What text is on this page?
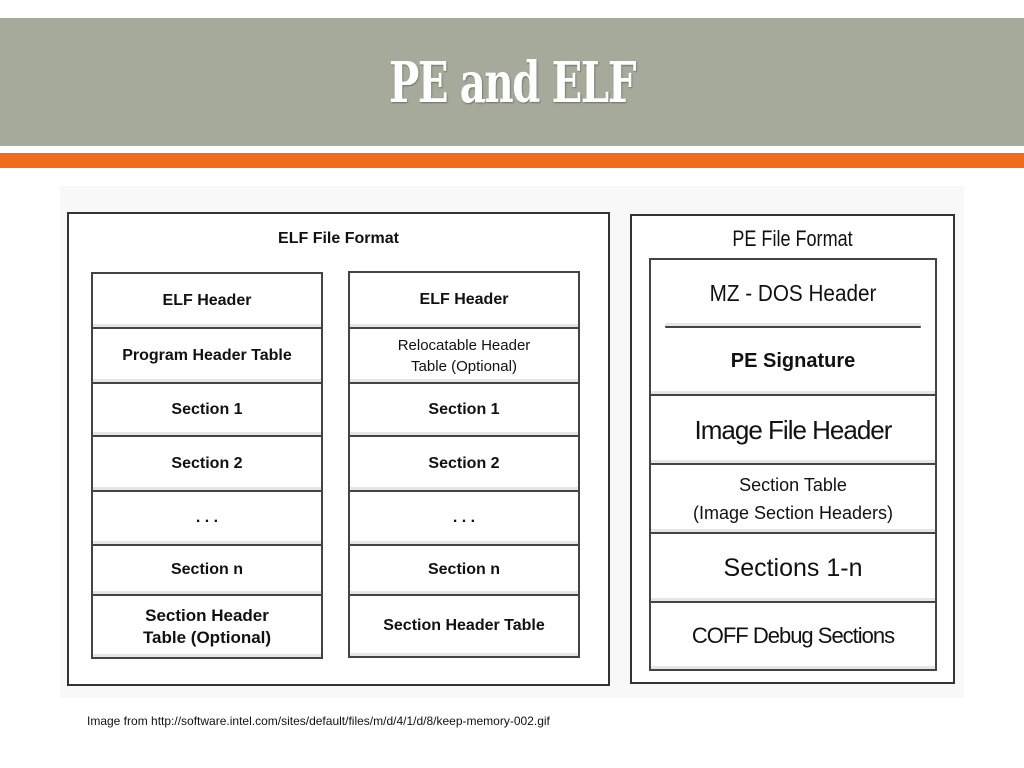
PE and ELF
ELF File Format
ELF Header
Program Header Table
Section 1
Section 2
. . .
Section n
Section Header
Table (Optional)
ELF Header
Relocatable Header
Table (Optional)
Section 1
Section 2
. . .
Section n
Section Header Table
PE File Format
MZ - DOS Header
PE Signature
Image File Header
Section Table
(Image Section Headers)
Sections 1-n
COFF Debug Sections
Image from http://software.intel.com/sites/default/files/m/d/4/1/d/8/keep-memory-002.gif
